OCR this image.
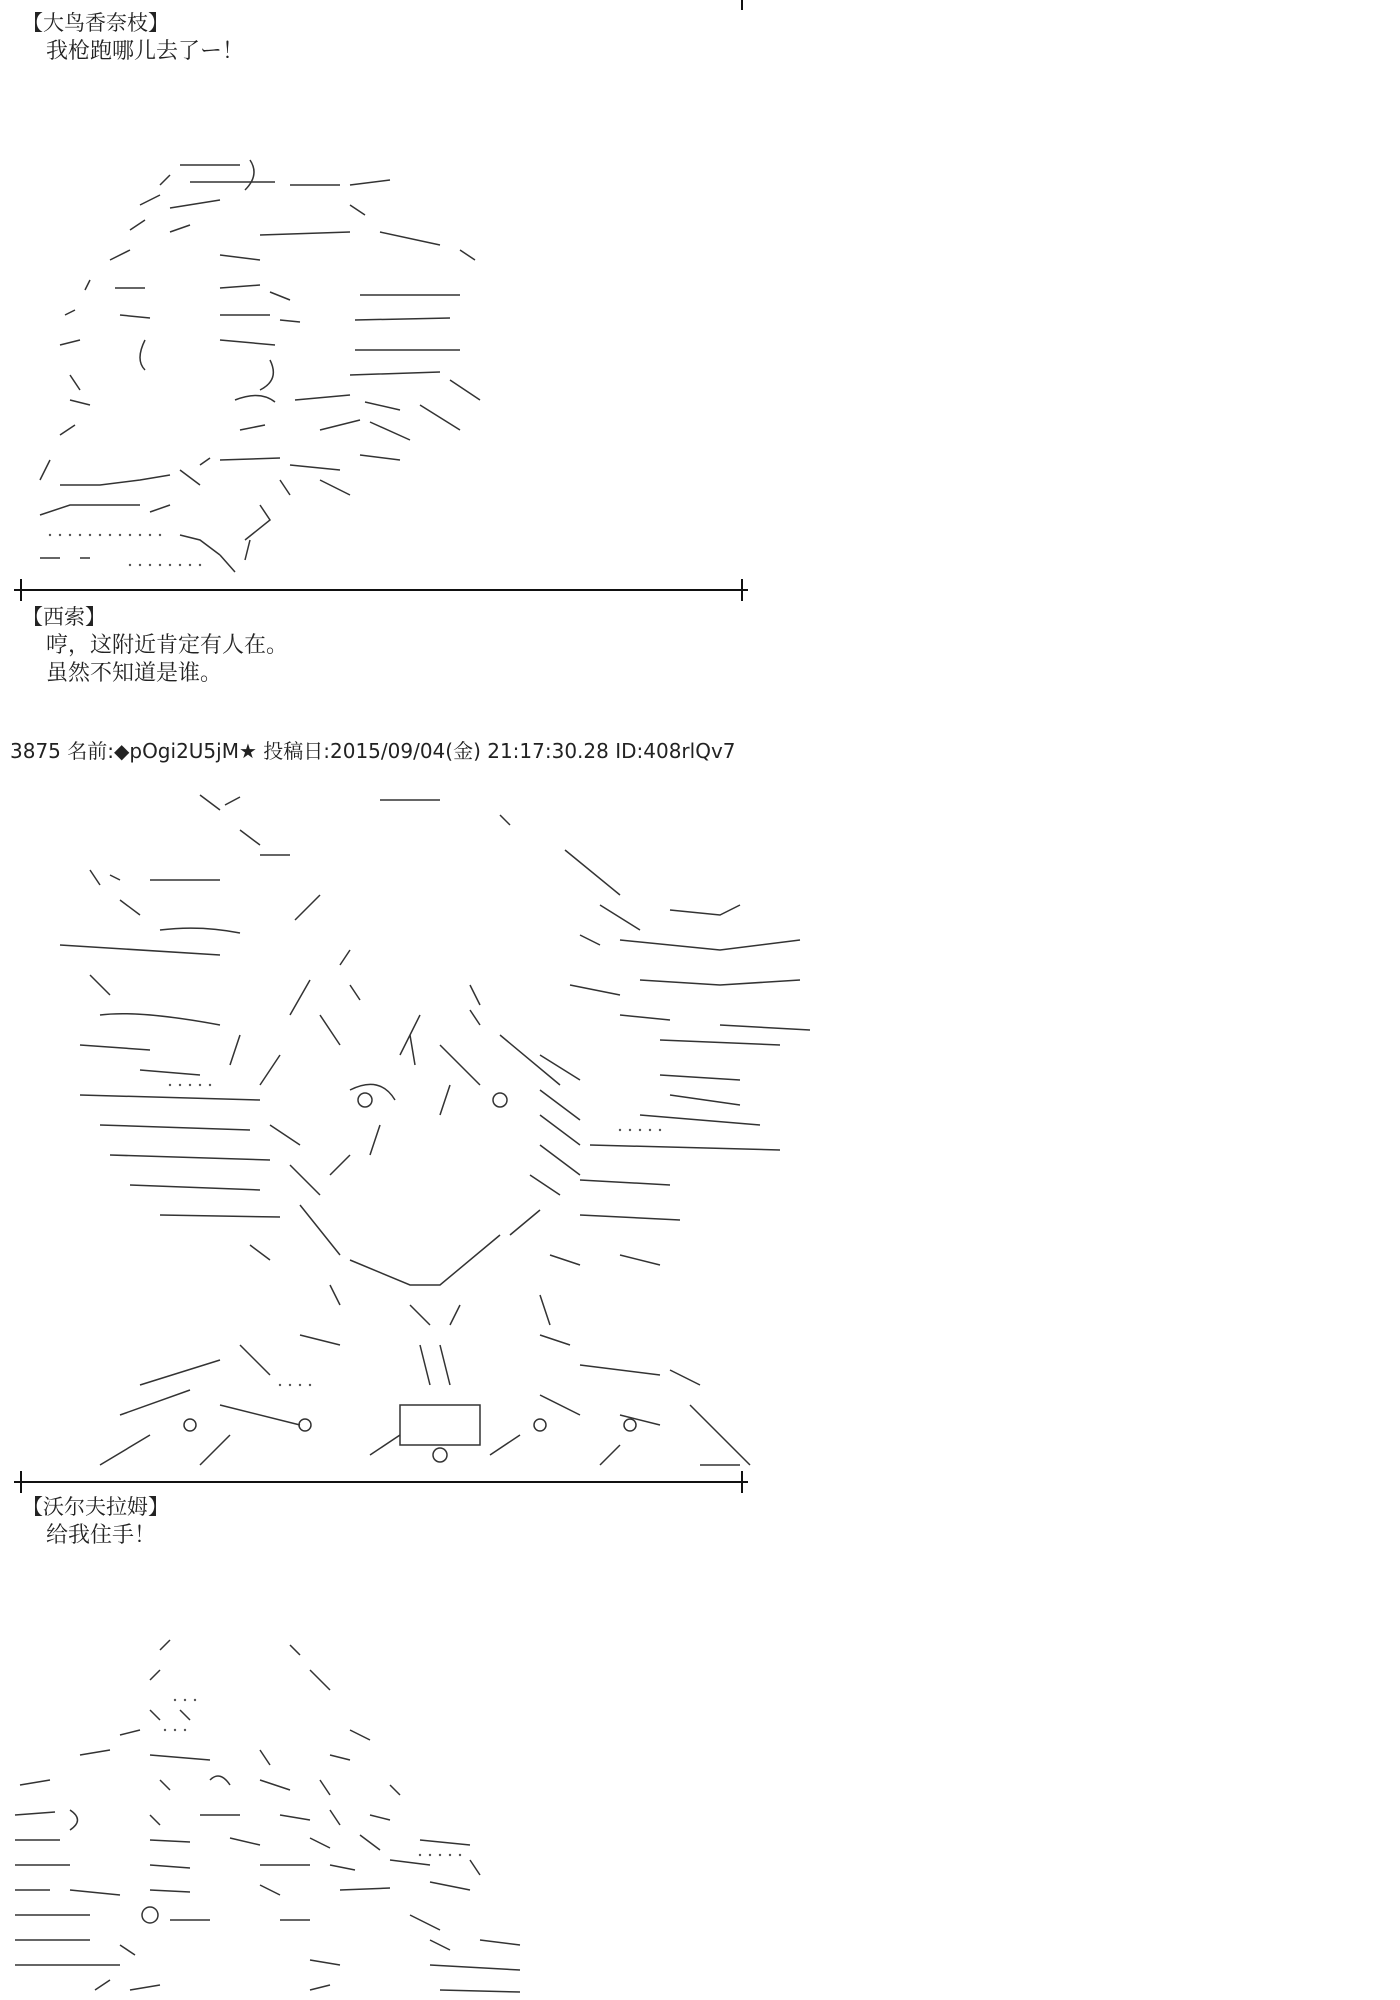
【大鸟香奈枝】
我枪跑哪儿去了ー！
【西索】
哼，这附近肯定有人在。
虽然不知道是谁。
3875 名前:◆pOgi2U5jM★ 投稿日:2015/09/04(金) 21:17:30.28 ID:408rlQv7
【沃尔夫拉姆】
给我住手！
